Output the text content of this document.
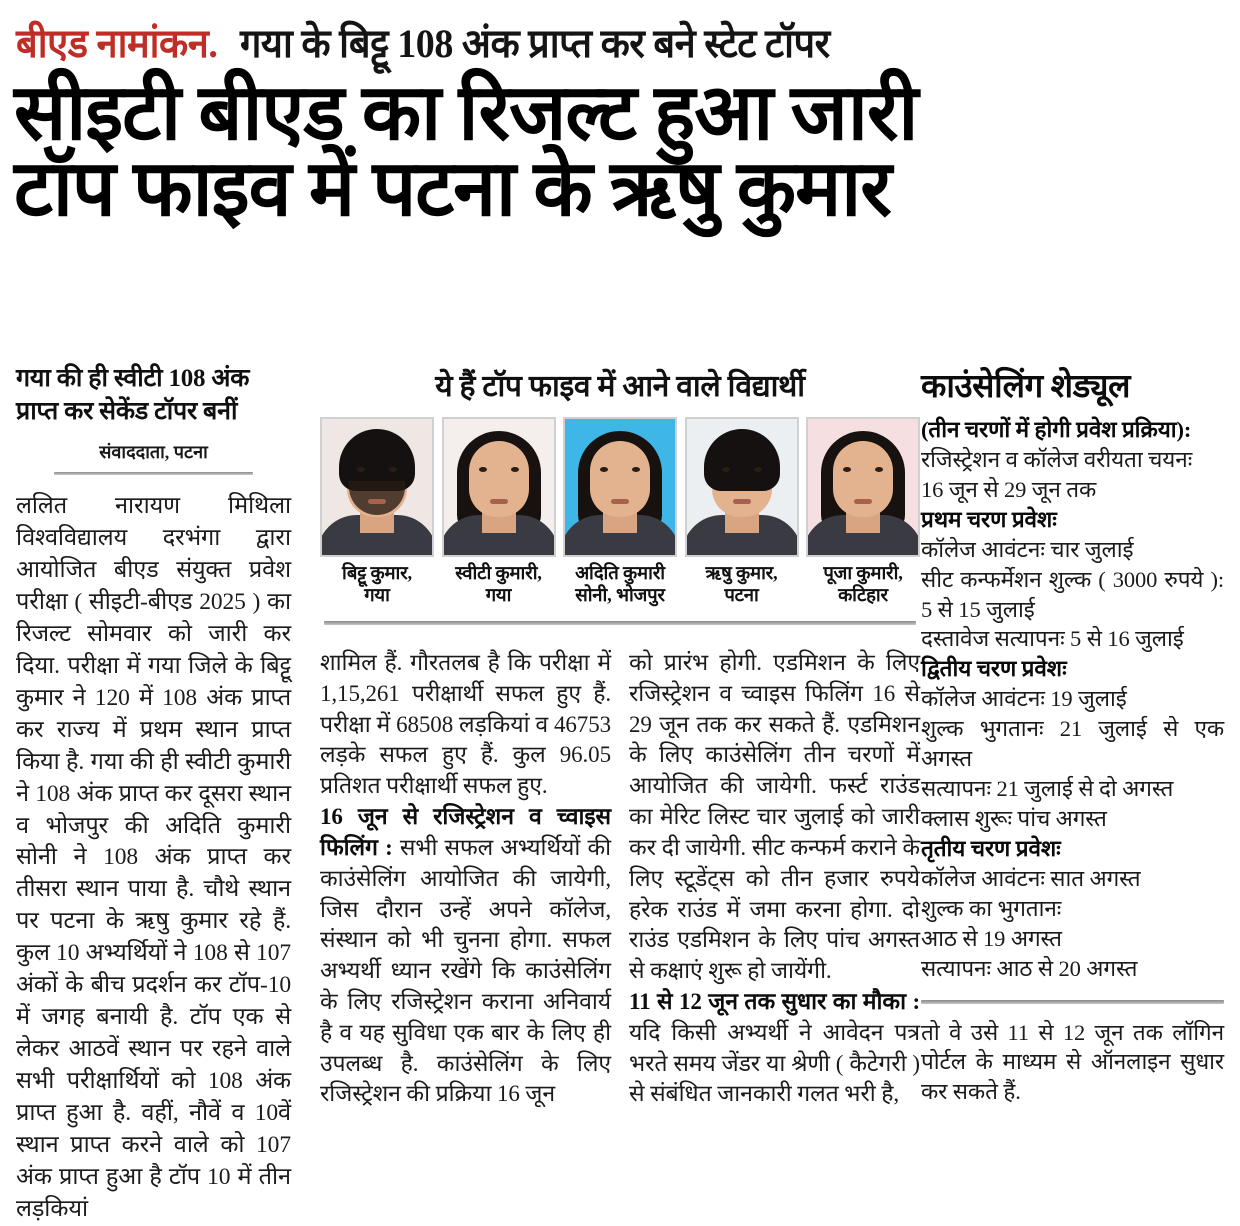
बीएड नामांकन. गया के बिट्टू 108 अंक प्राप्त कर बने स्टेट टॉपर
सीइटी बीएड का रिजल्ट हुआ जारी
टॉप फाइव में पटना के ऋषु कुमार
गया की ही स्वीटी 108 अंक प्राप्त कर सेकेंड टॉपर बनीं
संवाददाता, पटना

ललित नारायण मिथिला विश्वविद्यालय दरभंगा द्वारा आयोजित बीएड संयुक्त प्रवेश परीक्षा ( सीइटी-बीएड 2025 ) का रिजल्ट सोमवार को जारी कर दिया. परीक्षा में गया जिले के बिट्टू कुमार ने 120 में 108 अंक प्राप्त कर राज्य में प्रथम स्थान प्राप्त किया है. गया की ही स्वीटी कुमारी ने 108 अंक प्राप्त कर दूसरा स्थान व भोजपुर की अदिति कुमारी सोनी ने 108 अंक प्राप्त कर तीसरा स्थान पाया है. चौथे स्थान पर पटना के ऋषु कुमार रहे हैं. कुल 10 अभ्यर्थियों ने 108 से 107 अंकों के बीच प्रदर्शन कर टॉप-10 में जगह बनायी है. टॉप एक से लेकर आठवें स्थान पर रहने वाले सभी परीक्षार्थियों को 108 अंक प्राप्त हुआ है. वहीं, नौवें व 10वें स्थान प्राप्त करने वाले को 107 अंक प्राप्त हुआ है टॉप 10 में तीन लड़कियां

काउंसेलिंग शेड्यूल
(तीन चरणों में होगी प्रवेश प्रक्रिया):
रजिस्ट्रेशन व कॉलेज वरीयता चयनः
16 जून से 29 जून तक
प्रथम चरण प्रवेशः
कॉलेज आवंटनः चार जुलाई
सीट कन्फर्मेशन शुल्क ( 3000 रुपये ): 5 से 15 जुलाई
दस्तावेज सत्यापनः 5 से 16 जुलाई
द्वितीय चरण प्रवेशः
कॉलेज आवंटनः 19 जुलाई
शुल्क भुगतानः 21 जुलाई से एक अगस्त
सत्यापनः 21 जुलाई से दो अगस्त
क्लास शुरूः पांच अगस्त
तृतीय चरण प्रवेशः
कॉलेज आवंटनः सात अगस्त
शुल्क का भुगतानः
आठ से 19 अगस्त
सत्यापनः आठ से 20 अगस्त
तो वे उसे 11 से 12 जून तक लॉगिन पोर्टल के माध्यम से ऑनलाइन सुधार कर सकते हैं.
ये हैं टॉप फाइव में आने वाले विद्यार्थी
बिट्टू कुमार,
गया
स्वीटी कुमारी,
गया
अदिति कुमारी
सोनी, भोजपुर
ऋषु कुमार,
पटना
पूजा कुमारी,
कटिहार

शामिल हैं. गौरतलब है कि परीक्षा में 1,15,261 परीक्षार्थी सफल हुए हैं. परीक्षा में 68508 लड़कियां व 46753 लड़के सफल हुए हैं. कुल 96.05 प्रतिशत परीक्षार्थी सफल हुए.

16 जून से रजिस्ट्रेशन व च्वाइस फिलिंग : सभी सफल अभ्यर्थियों की काउंसेलिंग आयोजित की जायेगी, जिस दौरान उन्हें अपने कॉलेज, संस्थान को भी चुनना होगा. सफल अभ्यर्थी ध्यान रखेंगे कि काउंसेलिंग के लिए रजिस्ट्रेशन कराना अनिवार्य है व यह सुविधा एक बार के लिए ही उपलब्ध है. काउंसेलिंग के लिए रजिस्ट्रेशन की प्रक्रिया 16 जून

को प्रारंभ होगी. एडमिशन के लिए रजिस्ट्रेशन व च्वाइस फिलिंग 16 से 29 जून तक कर सकते हैं. एडमिशन के लिए काउंसेलिंग तीन चरणों में आयोजित की जायेगी. फर्स्ट राउंड का मेरिट लिस्ट चार जुलाई को जारी कर दी जायेगी. सीट कन्फर्म कराने के लिए स्टूडेंट्स को तीन हजार रुपये हरेक राउंड में जमा करना होगा. दो राउंड एडमिशन के लिए पांच अगस्त से कक्षाएं शुरू हो जायेंगी.

11 से 12 जून तक सुधार का मौका : यदि किसी अभ्यर्थी ने आवेदन पत्र भरते समय जेंडर या श्रेणी ( कैटेगरी ) से संबंधित जानकारी गलत भरी है,
